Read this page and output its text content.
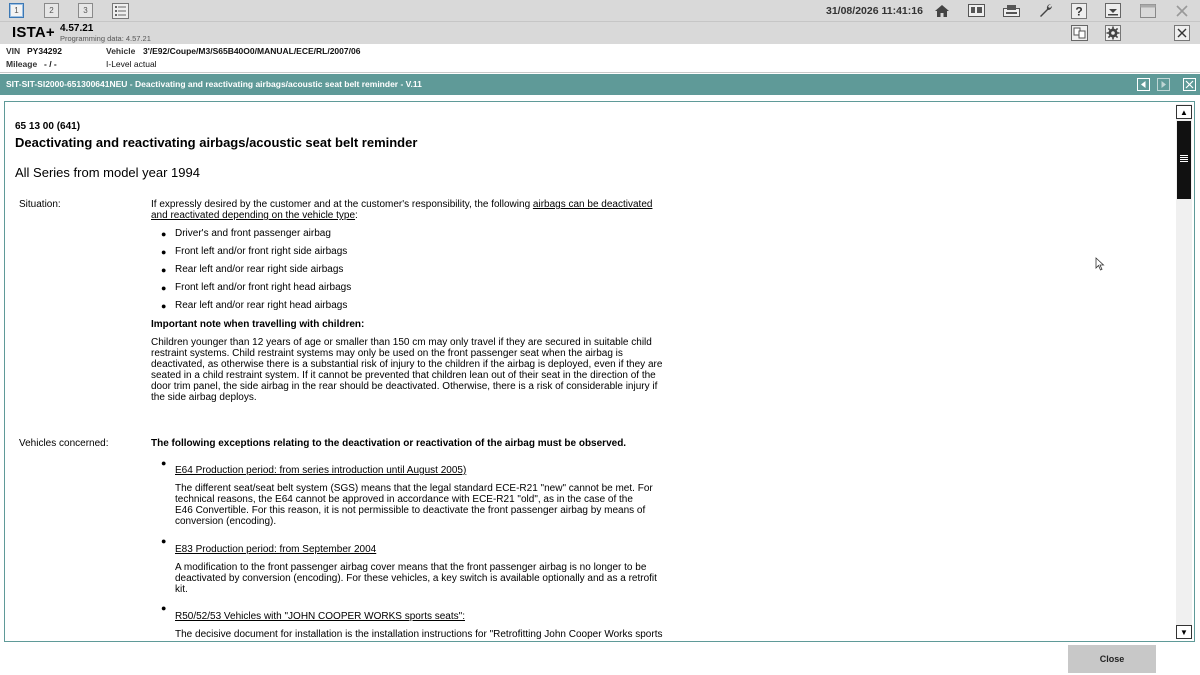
1	2	3	31/08/2026 11:41:16	?
ISTA+ 4.57.21
Programming data: 4.57.21
VIN PY34292	Vehicle 3'/E92/Coupe/M3/S65B40O0/MANUAL/ECE/RL/2007/06
Mileage - / -	I-Level actual
SIT-SIT-SI2000-651300641NEU - Deactivating and reactivating airbags/acoustic seat belt reminder - V.11
65 13 00 (641)
Deactivating and reactivating airbags/acoustic seat belt reminder
All Series from model year 1994
Situation:	If expressly desired by the customer and at the customer's responsibility, the following airbags can be deactivated
and reactivated depending on the vehicle type:
● Driver's and front passenger airbag
● Front left and/or front right side airbags
● Rear left and/or rear right side airbags
● Front left and/or front right head airbags
● Rear left and/or rear right head airbags
Important note when travelling with children:
Children younger than 12 years of age or smaller than 150 cm may only travel if they are secured in suitable child
restraint systems. Child restraint systems may only be used on the front passenger seat when the airbag is
deactivated, as otherwise there is a substantial risk of injury to the children if the airbag is deployed, even if they are
seated in a child restraint system. If it cannot be prevented that children lean out of their seat in the direction of the
door trim panel, the side airbag in the rear should be deactivated. Otherwise, there is a risk of considerable injury if
the side airbag deploys.
Vehicles concerned:	The following exceptions relating to the deactivation or reactivation of the airbag must be observed.
●
E64 Production period: from series introduction until August 2005)
The different seat/seat belt system (SGS) means that the legal standard ECE-R21 "new" cannot be met. For
technical reasons, the E64 cannot be approved in accordance with ECE-R21 "old", as in the case of the
E46 Convertible. For this reason, it is not permissible to deactivate the front passenger airbag by means of
conversion (encoding).
●
E83 Production period: from September 2004
A modification to the front passenger airbag cover means that the front passenger airbag is no longer to be
deactivated by conversion (encoding). For these vehicles, a key switch is available optionally and as a retrofit
kit.
●
R50/52/53 Vehicles with "JOHN COOPER WORKS sports seats":
The decisive document for installation is the installation instructions for "Retrofitting John Cooper Works sports
▲
▼
Close
